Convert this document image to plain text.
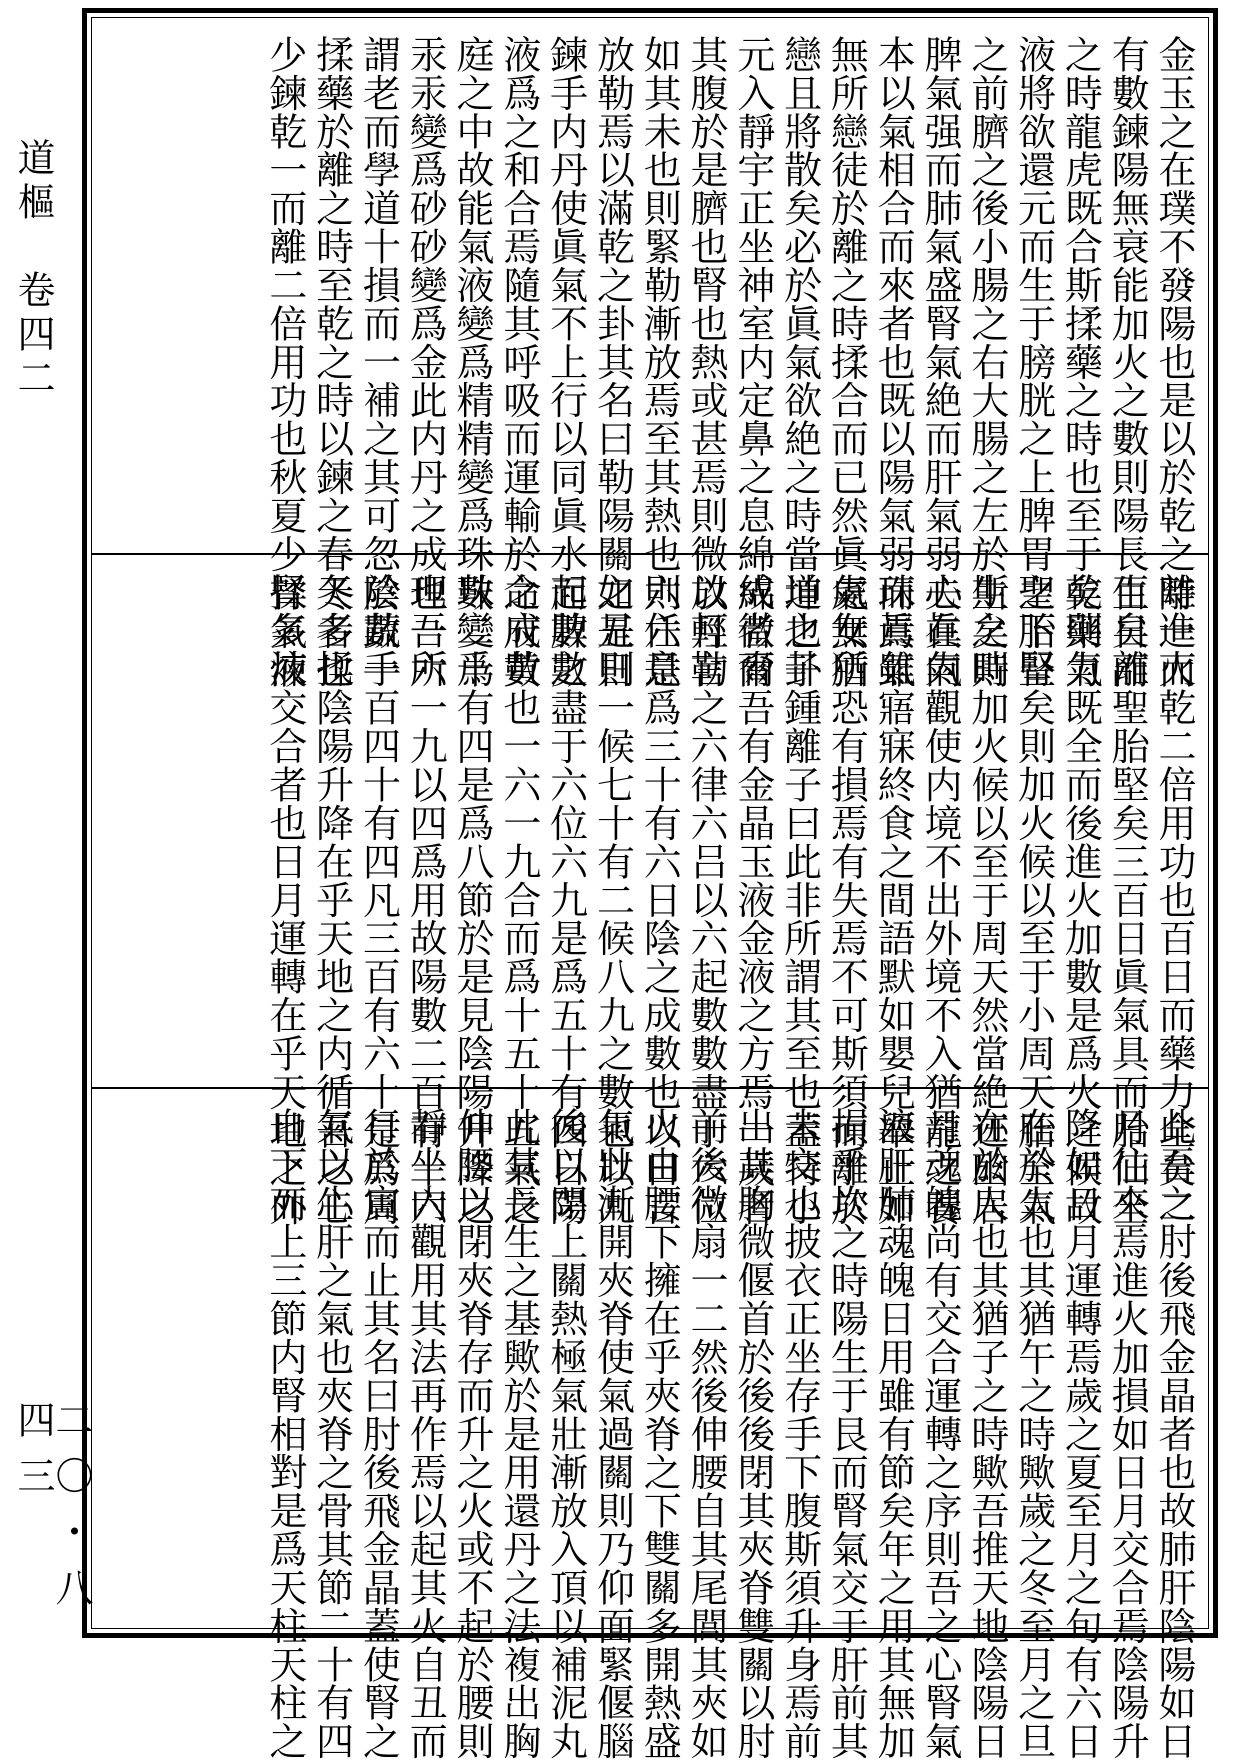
道樞　卷四二
二〇・八四三
金玉之在璞不發陽也是以於乾之時進火
有數鍊陽無衰能加火之數則陽長生矣離
之時龍虎既合斯揉藥之時也至于乾則氣
液將欲還元而生于膀胱之上脾胃之下腎
之前臍之後小腸之右大腸之左於斯之時
脾氣强而肺氣盛腎氣絶而肝氣弱夫眞氣
本以氣相合而來者也既以陽氣弱而眞氣
無所戀徒於離之時揉合而已然眞氣無所
戀且將散矣必於眞氣欲絶之時當坤之卦
元入靜宇正坐神室内定鼻之息綿綿微脅
其腹於是臍也腎也熱或甚焉則微放輕勒
如其未也則緊勒漸放焉至其熱也則任意
放勒焉以滿乾之卦其名曰勒陽關如是則
鍊手内丹使眞氣不上行以同眞水而脾之
液爲之和合焉隨其呼吸而運輸於命府黄
庭之中故能氣液變爲精精變爲珠珠變爲
汞汞變爲砂砂變爲金此内丹之成也吾所
謂老而學道十損而一補之其可忽於蔬手
揉藥於離之時至乾之時以鍊之春冬多揉
少鍊乾一而離二倍用功也秋夏少揉多煉
離一而乾二倍用功也百日而藥力全矣二
百日而聖胎堅矣三百日眞氣具而胎仙全
矣藥力既全而後進火加數是爲火之候故
聖胎堅矣則加火候以至于小周天胎全氣
生矣則加火候以至于周天然當絶迹幽居
心在内觀使内境不出外境不入猶龍之養
珠焉雖寤寐終食之間語默如嬰兒舉止如
處女猶恐有損焉有失焉不可斯須而離於
道也子鍾離子曰此非所謂其至也蓋特小
成者爾吾有金晶玉液金液之方焉一歲者
以月言之六律六吕以六起數數盡于六位
六六是爲三十有六日陰之成數也以日言
之五日一候七十有二候八九之數也以九
起數數盡于六位六九是爲五十有四日陽
之成數也一六一九合而爲十五十五氣之
數二十有四是爲八節於是見陰陽升降之
理一六一九以四爲用故陽數二百有十六
陰數一百四十有四凡三百有六十是爲周
天者也陰陽升降在乎天地之内循吾之心
腎氣液交合者也日月運轉在乎天地之外
此吾之肘後飛金晶者也故肺肝陰陽如日
月往來焉進火加損如日月交合焉陰陽升
降如日月運轉焉歲之夏至月之旬有六日
在於人也其猶午之時歟歲之冬至月之旦
在於人也其猶子之時歟吾推天地陰陽日
月魂魄尚有交合運轉之序則吾之心腎氣
液肝肺魂魄日用雖有節矣年之用其無加
損乎坎之時陽生于艮而腎氣交于肝前其
未交也披衣正坐存手下腹斯須升身焉前
出其胸微偃首於後後閉其夾脊雙關以肘
前後微扇一二然後伸腰自其尾閭其夾如
火由腰下擁在乎夾脊之下雙關多開熱盛
氣壯漸開夾脊使氣過關則乃仰面緊偃腦
後以閉上關熱極氣壯漸放入頂以補泥丸
此其長生之基歟於是用還丹之法複出胸
伸腰以閉夾脊存而升之火或不起於腰則
靜坐内觀用其法再作焉以起其火自丑而
行於寅而止其名曰肘後飛金晶蓋使腎之
氣以生肝之氣也夾脊之骨其節二十有四
自下而上三節内腎相對是爲天柱天柱之
